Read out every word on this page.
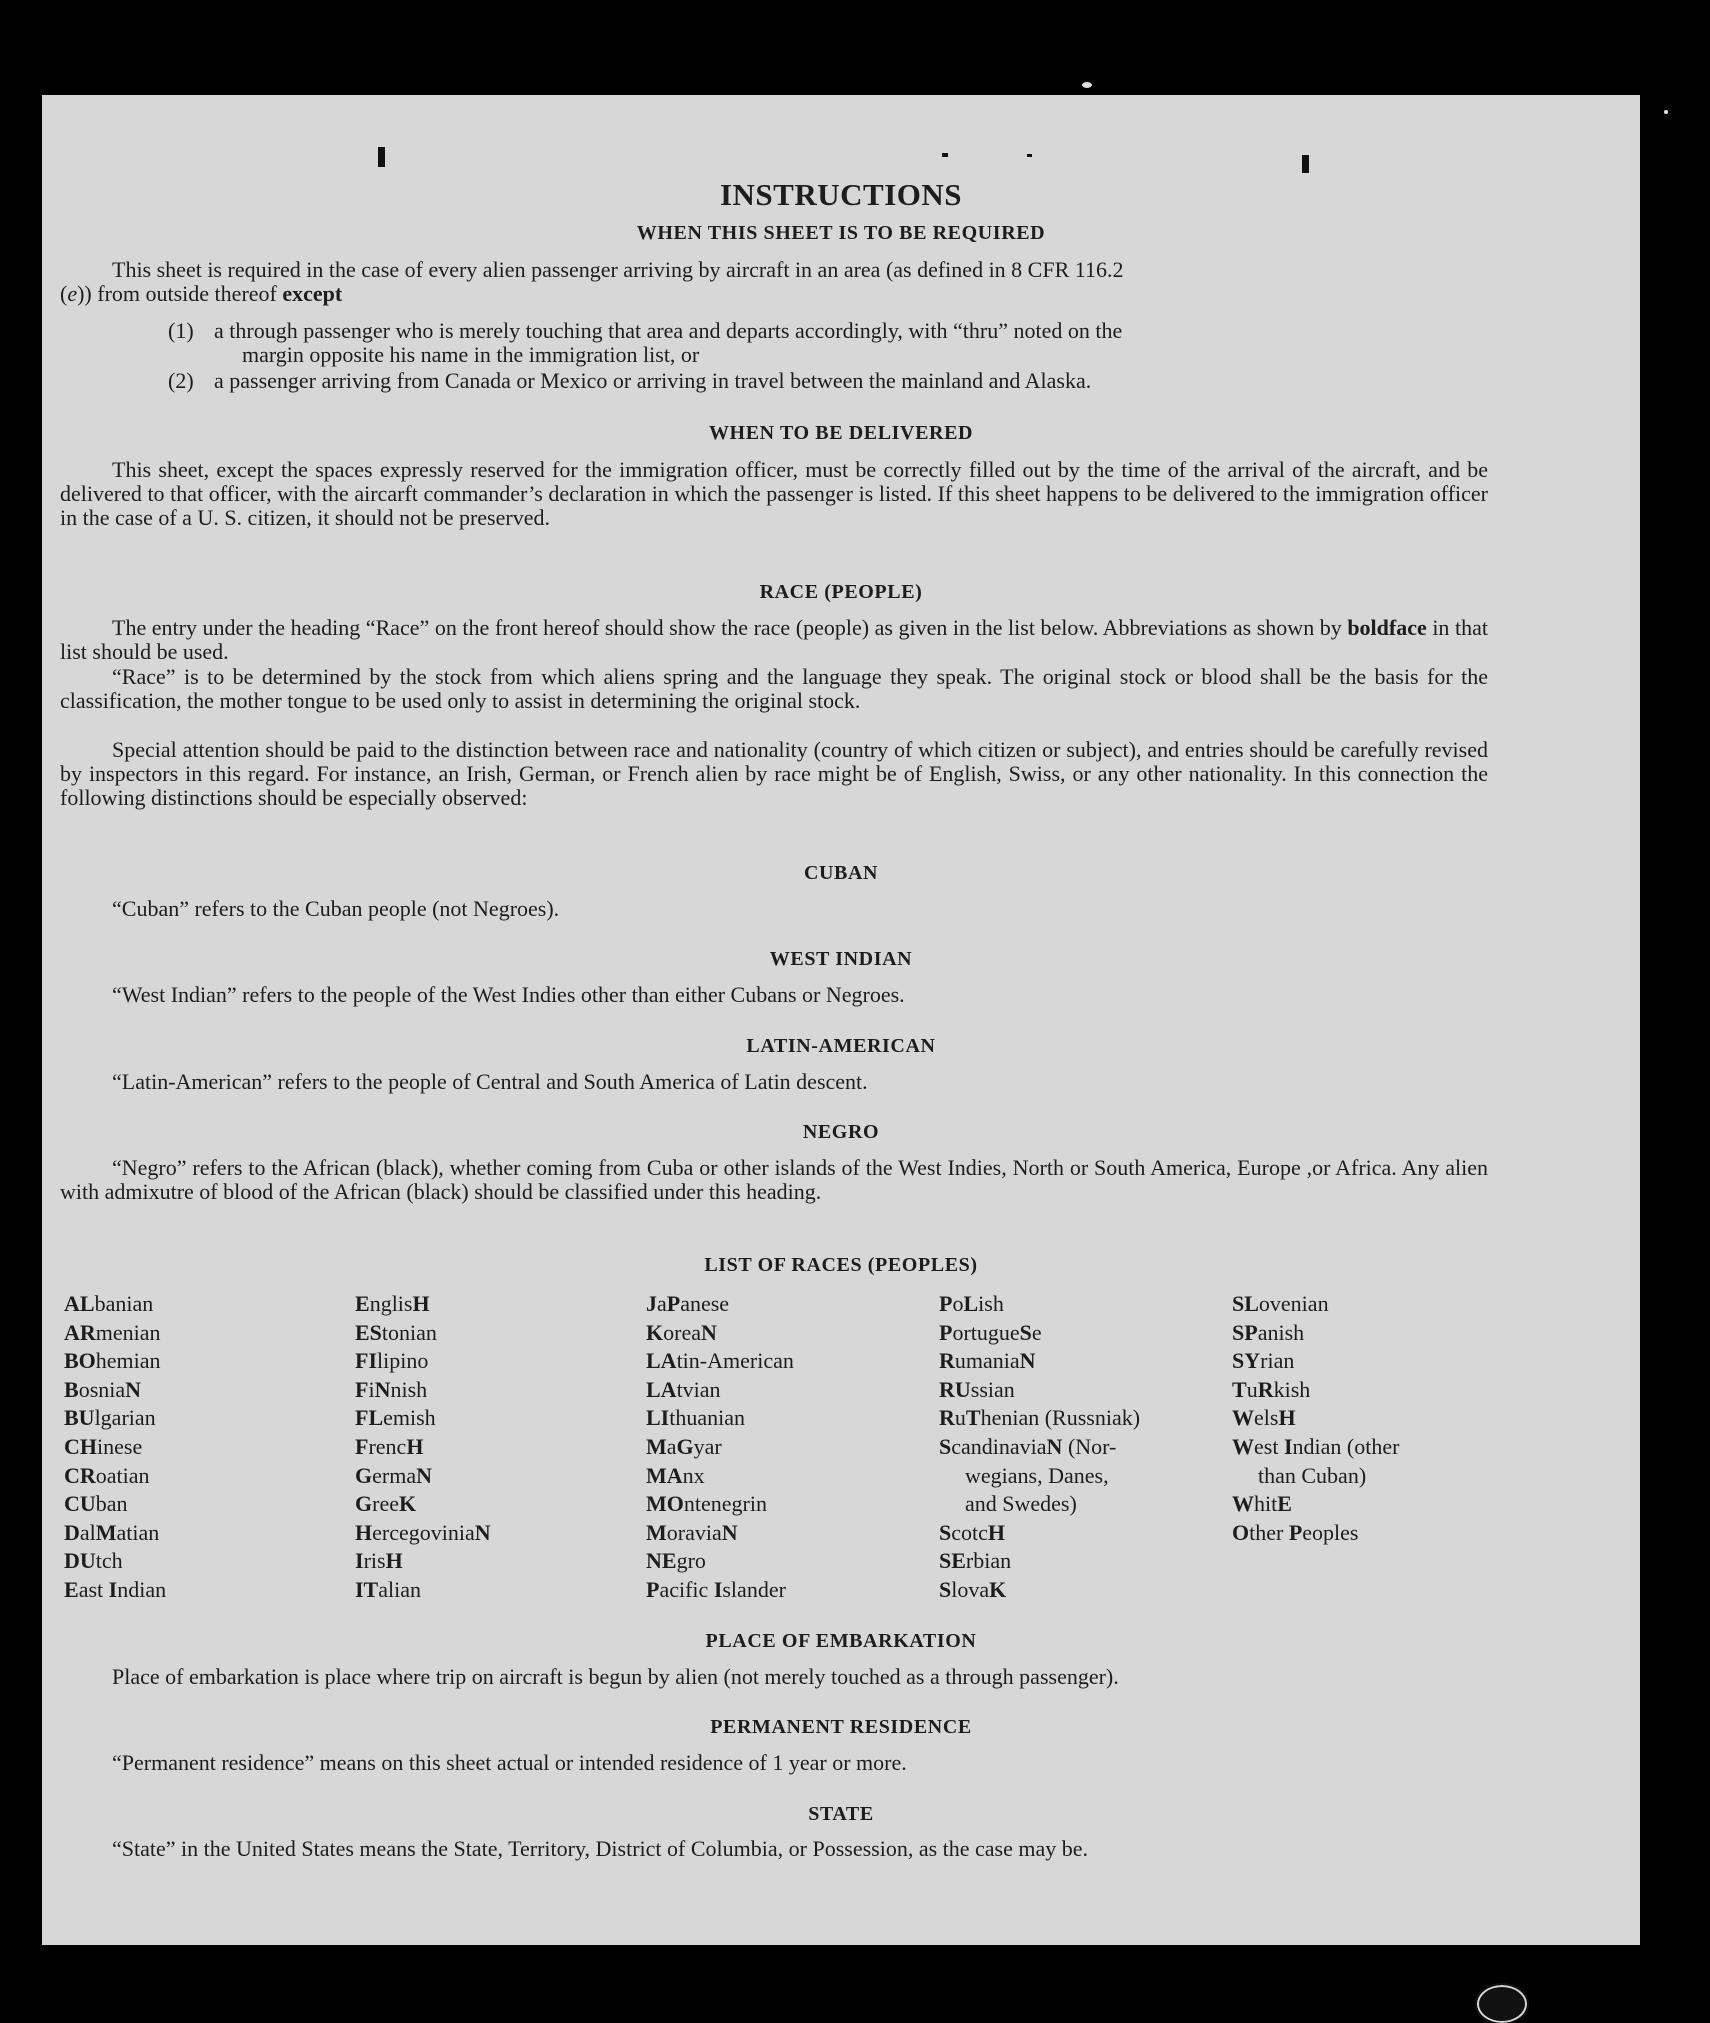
INSTRUCTIONS
WHEN THIS SHEET IS TO BE REQUIRED
This sheet is required in the case of every alien passenger arriving by aircraft in an area (as defined in 8 CFR 116.2
(e)) from outside thereof except
(1) a through passenger who is merely touching that area and departs accordingly, with “thru” noted on the
margin opposite his name in the immigration list, or
(2) a passenger arriving from Canada or Mexico or arriving in travel between the mainland and Alaska.
WHEN TO BE DELIVERED
This sheet, except the spaces expressly reserved for the immigration officer, must be correctly filled out by the time of the arrival of the aircraft, and be delivered to that officer, with the aircarft commander’s declaration in which the passenger is listed. If this sheet happens to be delivered to the immigration officer in the case of a U. S. citizen, it should not be preserved.
RACE (PEOPLE)
The entry under the heading “Race” on the front hereof should show the race (people) as given in the list below. Abbreviations as shown by boldface in that list should be used.
“Race” is to be determined by the stock from which aliens spring and the language they speak. The original stock or blood shall be the basis for the classification, the mother tongue to be used only to assist in determining the original stock.
Special attention should be paid to the distinction between race and nationality (country of which citizen or subject), and entries should be carefully revised by inspectors in this regard. For instance, an Irish, German, or French alien by race might be of English, Swiss, or any other nationality. In this connection the following distinctions should be especially observed:
CUBAN
“Cuban” refers to the Cuban people (not Negroes).
WEST INDIAN
“West Indian” refers to the people of the West Indies other than either Cubans or Negroes.
LATIN-AMERICAN
“Latin-American” refers to the people of Central and South America of Latin descent.
NEGRO
“Negro” refers to the African (black), whether coming from Cuba or other islands of the West Indies, North or South America, Europe ,or Africa. Any alien with admixutre of blood of the African (black) should be classified under this heading.
LIST OF RACES (PEOPLES)
ALbanian
ARmenian
BOhemian
BosniaN
BUlgarian
CHinese
CRoatian
CUban
DalMatian
DUtch
East Indian
EnglisH
EStonian
FIlipino
FiNnish
FLemish
FrencH
GermaN
GreeK
HercegoviniaN
IrisH
ITalian
JaPanese
KoreaN
LAtin-American
LAtvian
LIthuanian
MaGyar
MAnx
MOntenegrin
MoraviaN
NEgro
Pacific Islander
PoLish
PortugueSe
RumaniaN
RUssian
RuThenian (Russniak)
ScandinaviaN (Nor-
wegians, Danes,
and Swedes)
ScotcH
SErbian
SlovaK
SLovenian
SPanish
SYrian
TuRkish
WelsH
West Indian (other
than Cuban)
WhitE
Other Peoples
PLACE OF EMBARKATION
Place of embarkation is place where trip on aircraft is begun by alien (not merely touched as a through passenger).
PERMANENT RESIDENCE
“Permanent residence” means on this sheet actual or intended residence of 1 year or more.
STATE
“State” in the United States means the State, Territory, District of Columbia, or Possession, as the case may be.
